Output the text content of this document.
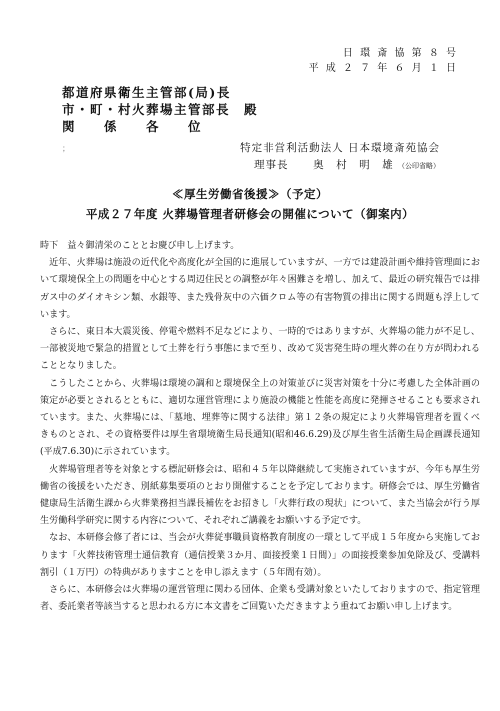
日 環 斎 協 第 ８ 号

平 成 ２ ７ 年 ６ 月 １ 日

都道府県衛生主管部(局)長

市・町・村火葬場主管部長　殿

関　　係　　各　　位

；	特定非営利活動法人 日本環境斎苑協会

理事長 奥　村　明　雄 （公印省略）

≪厚生労働省後援≫（予定）

平成２７年度 火葬場管理者研修会の開催について（御案内）

時下　益々御清栄のこととお慶び申し上げます。

近年、火葬場は施設の近代化や高度化が全国的に進展していますが、一方では建設計画や維持管理面において環境保全上の問題を中心とする周辺住民との調整が年々困難さを増し、加えて、最近の研究報告では排ガス中のダイオキシン類、水銀等、また残骨灰中の六価クロム等の有害物質の排出に関する問題も浮上しています。

さらに、東日本大震災後、停電や燃料不足などにより、一時的ではありますが、火葬場の能力が不足し、一部被災地で緊急的措置として土葬を行う事態にまで至り、改めて災害発生時の埋火葬の在り方が問われることとなりました。

こうしたことから、火葬場は環境の調和と環境保全上の対策並びに災害対策を十分に考慮した全体計画の策定が必要とされるとともに、適切な運営管理により施設の機能と性能を高度に発揮させることも要求されています。また、火葬場には、「墓地、埋葬等に関する法律」第１２条の規定により火葬場管理者を置くべきものとされ、その資格要件は厚生省環境衛生局長通知(昭和46.6.29)及び厚生省生活衛生局企画課長通知(平成7.6.30)に示されています。

火葬場管理者等を対象とする標記研修会は、昭和４５年以降継続して実施されていますが、今年も厚生労働省の後援をいただき、別紙募集要項のとおり開催することを予定しております。研修会では、厚生労働省健康局生活衛生課から火葬業務担当課長補佐をお招きし「火葬行政の現状」について、また当協会が行う厚生労働科学研究に関する内容について、それぞれご講義をお願いする予定です。

なお、本研修会修了者には、当会が火葬従事職員資格教育制度の一環として平成１５年度から実施しております「火葬技術管理士通信教育（通信授業３か月、面接授業１日間）」の面接授業参加免除及び、受講料割引（１万円）の特典がありますことを申し添えます（５年間有効）。

さらに、本研修会は火葬場の運営管理に関わる団体、企業も受講対象といたしておりますので、指定管理者、委託業者等該当すると思われる方に本文書をご回覧いただきますよう重ねてお願い申し上げます。
